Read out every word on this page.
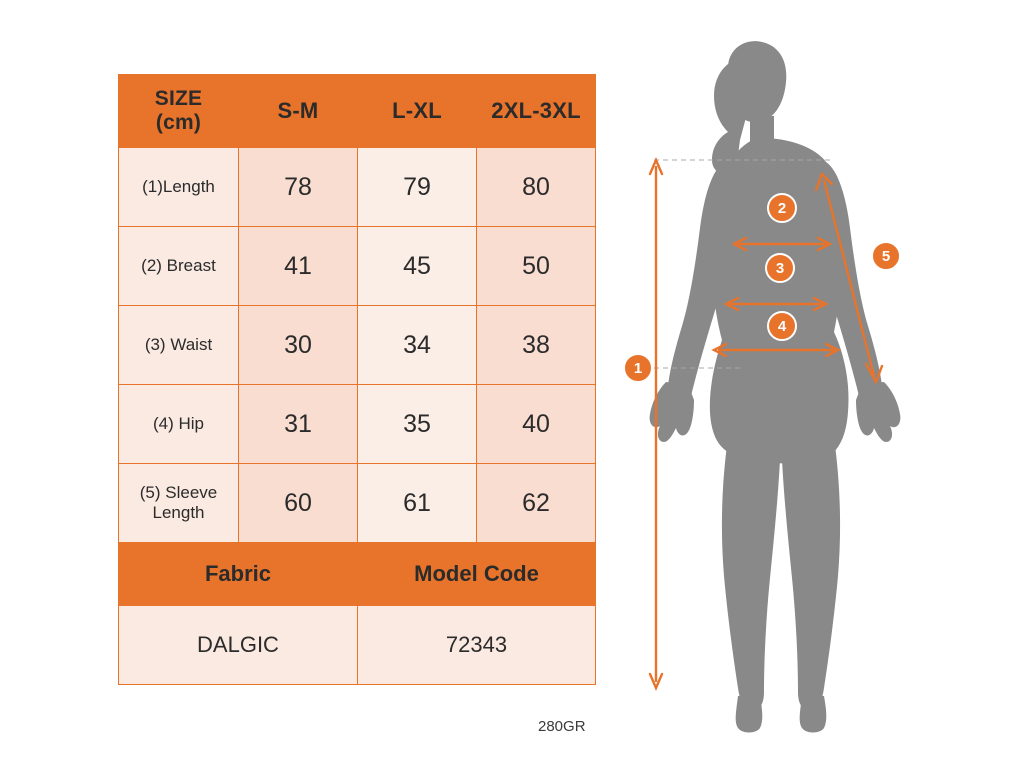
SIZE
(cm)	S-M	L-XL	2XL-3XL
(1)Length	78	79	80
(2) Breast	41	45	50
(3) Waist	30	34	38
(4) Hip	31	35	40

(5) Sleeve
Length	60	61	62
Fabric		Model Code	
DALGIC		72343	
280GR
1
2
3
4
5
